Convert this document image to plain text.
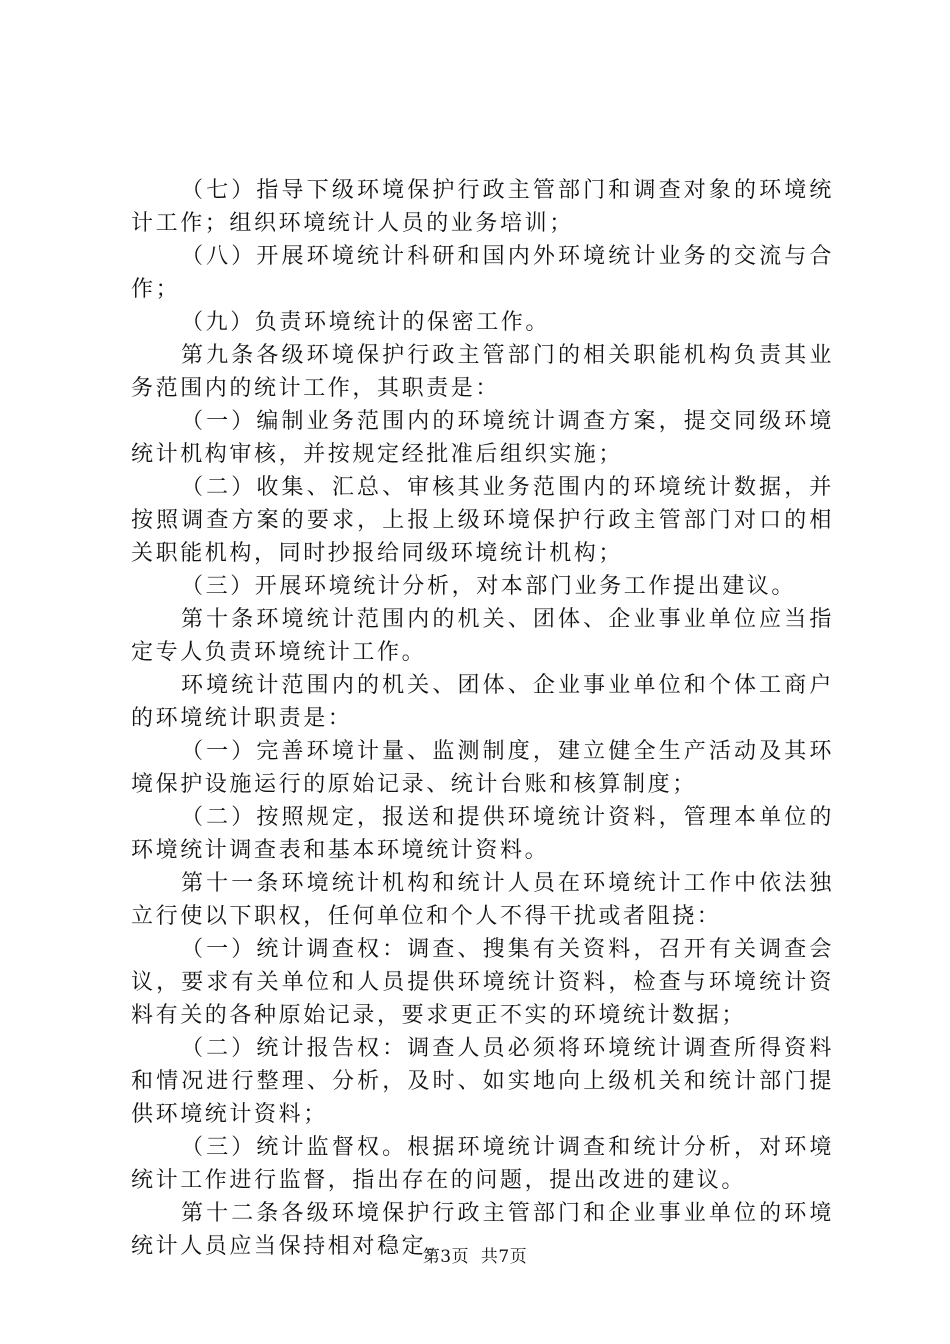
（七）指导下级环境保护行政主管部门和调查对象的环境统计工作；组织环境统计人员的业务培训；

（八）开展环境统计科研和国内外环境统计业务的交流与合作；

（九）负责环境统计的保密工作。

第九条各级环境保护行政主管部门的相关职能机构负责其业务范围内的统计工作，其职责是：

（一）编制业务范围内的环境统计调查方案，提交同级环境统计机构审核，并按规定经批准后组织实施；

（二）收集、汇总、审核其业务范围内的环境统计数据，并按照调查方案的要求，上报上级环境保护行政主管部门对口的相关职能机构，同时抄报给同级环境统计机构；

（三）开展环境统计分析，对本部门业务工作提出建议。

第十条环境统计范围内的机关、团体、企业事业单位应当指定专人负责环境统计工作。

环境统计范围内的机关、团体、企业事业单位和个体工商户的环境统计职责是：

（一）完善环境计量、监测制度，建立健全生产活动及其环境保护设施运行的原始记录、统计台账和核算制度；

（二）按照规定，报送和提供环境统计资料，管理本单位的环境统计调查表和基本环境统计资料。

第十一条环境统计机构和统计人员在环境统计工作中依法独立行使以下职权，任何单位和个人不得干扰或者阻挠：

（一）统计调查权：调查、搜集有关资料，召开有关调查会议，要求有关单位和人员提供环境统计资料，检查与环境统计资料有关的各种原始记录，要求更正不实的环境统计数据；

（二）统计报告权：调查人员必须将环境统计调查所得资料和情况进行整理、分析，及时、如实地向上级机关和统计部门提供环境统计资料；

（三）统计监督权。根据环境统计调查和统计分析，对环境统计工作进行监督，指出存在的问题，提出改进的建议。

第十二条各级环境保护行政主管部门和企业事业单位的环境统计人员应当保持相对稳定。

第3页  共7页
